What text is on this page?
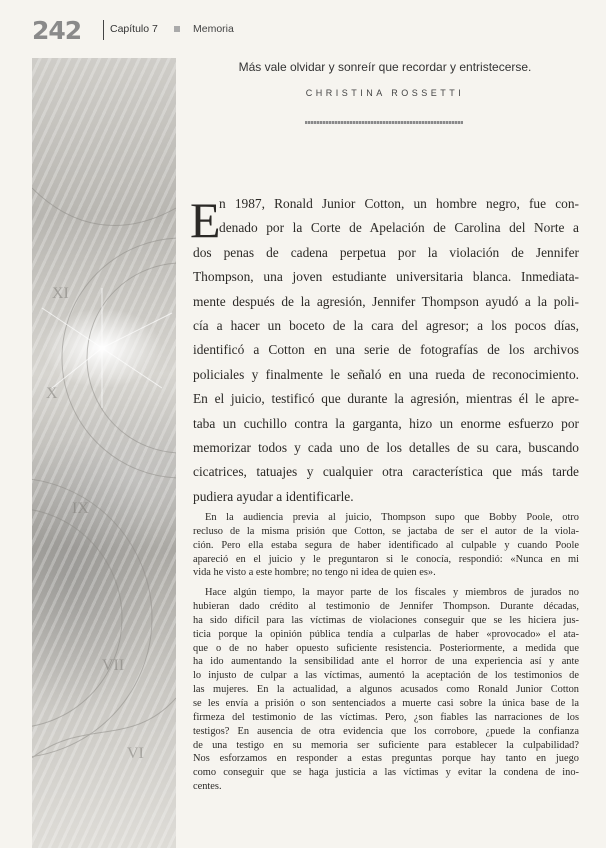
242	Capítulo 7	Memoria
XI
X
IX
VII
VI
Más vale olvidar y sonreír que recordar y entristecerse.
CHRISTINA ROSSETTI
E
n 1987, Ronald Junior Cotton, un hombre negro, fue con-
denado por la Corte de Apelación de Carolina del Norte a
dos penas de cadena perpetua por la violación de Jennifer
Thompson, una joven estudiante universitaria blanca. Inmediata-
mente después de la agresión, Jennifer Thompson ayudó a la poli-
cía a hacer un boceto de la cara del agresor; a los pocos días,
identificó a Cotton en una serie de fotografías de los archivos
policiales y finalmente le señaló en una rueda de reconocimiento.
En el juicio, testificó que durante la agresión, mientras él le apre-
taba un cuchillo contra la garganta, hizo un enorme esfuerzo por
memorizar todos y cada uno de los detalles de su cara, buscando
cicatrices, tatuajes y cualquier otra característica que más tarde
pudiera ayudar a identificarle.
En la audiencia previa al juicio, Thompson supo que Bobby Poole, otro
recluso de la misma prisión que Cotton, se jactaba de ser el autor de la viola-
ción. Pero ella estaba segura de haber identificado al culpable y cuando Poole
apareció en el juicio y le preguntaron si le conocía, respondió: «Nunca en mi
vida he visto a este hombre; no tengo ni idea de quien es».
Hace algún tiempo, la mayor parte de los fiscales y miembros de jurados no
hubieran dado crédito al testimonio de Jennifer Thompson. Durante décadas,
ha sido difícil para las víctimas de violaciones conseguir que se les hiciera jus-
ticia porque la opinión pública tendía a culparlas de haber «provocado» el ata-
que o de no haber opuesto suficiente resistencia. Posteriormente, a medida que
ha ido aumentando la sensibilidad ante el horror de una experiencia así y ante
lo injusto de culpar a las víctimas, aumentó la aceptación de los testimonios de
las mujeres. En la actualidad, a algunos acusados como Ronald Junior Cotton
se les envía a prisión o son sentenciados a muerte casi sobre la única base de la
firmeza del testimonio de las víctimas. Pero, ¿son fiables las narraciones de los
testigos? En ausencia de otra evidencia que los corrobore, ¿puede la confianza
de una testigo en su memoria ser suficiente para establecer la culpabilidad?
Nos esforzamos en responder a estas preguntas porque hay tanto en juego
como conseguir que se haga justicia a las víctimas y evitar la condena de ino-
centes.
